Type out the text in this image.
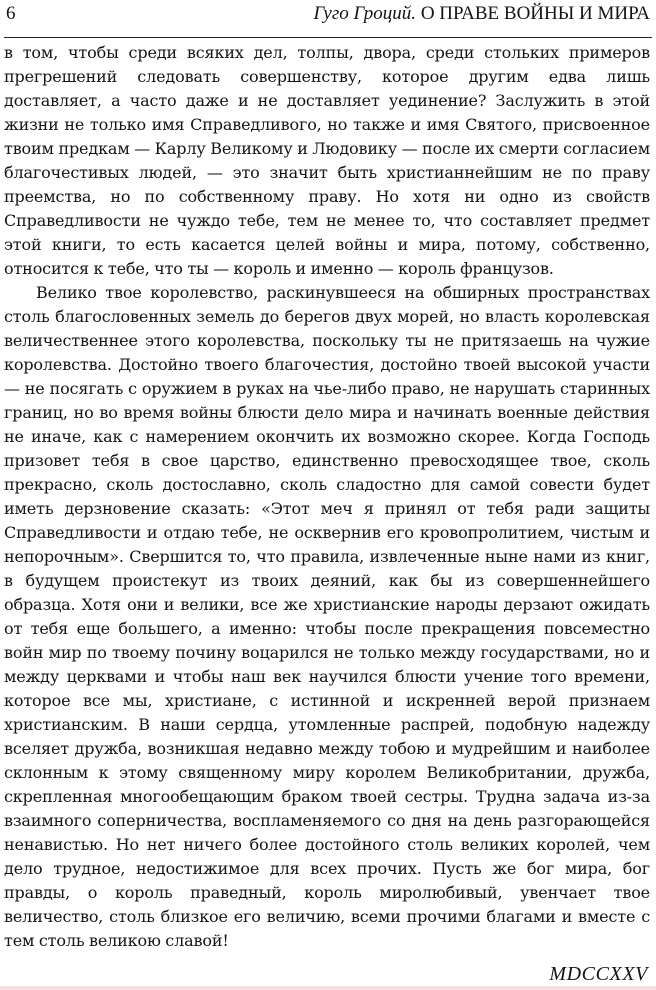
6	Гуго Гроций. О ПРАВЕ ВОЙНЫ И МИРА

в том, чтобы среди всяких дел, толпы, двора, среди стольких примеров прегрешений следовать совершенству, которое другим едва лишь доставляет, а часто даже и не доставляет уединение? Заслужить в этой жизни не только имя Справедливого, но также и имя Святого, присвоенное твоим предкам — Карлу Великому и Людовику — после их смерти согласием благочестивых людей, — это значит быть христианнейшим не по праву преемства, но по собственному праву. Но хотя ни одно из свойств Справедливости не чуждо тебе, тем не менее то, что составляет предмет этой книги, то есть касается целей войны и мира, потому, собственно, относится к тебе, что ты — король и именно — король французов.

Велико твое королевство, раскинувшееся на обширных пространствах столь благословенных земель до берегов двух морей, но власть королевская величественнее этого королевства, поскольку ты не притязаешь на чужие королевства. Достойно твоего благочестия, достойно твоей высокой участи — не посягать с оружием в руках на чье-либо право, не нарушать старинных границ, но во время войны блюсти дело мира и начинать военные действия не иначе, как с намерением окончить их возможно скорее. Когда Господь призовет тебя в свое царство, единственно превосходящее твое, сколь прекрасно, сколь достославно, сколь сладостно для самой совести будет иметь дерзновение сказать: «Этот меч я принял от тебя ради защиты Справедливости и отдаю тебе, не осквернив его кровопролитием, чистым и непорочным». Свершится то, что правила, извлеченные ныне нами из книг, в будущем проистекут из твоих деяний, как бы из совершеннейшего образца. Хотя они и велики, все же христианские народы дерзают ожидать от тебя еще большего, а именно: чтобы после прекращения повсеместно войн мир по твоему почину воцарился не только между государствами, но и между церквами и чтобы наш век научился блюсти учение того времени, которое все мы, христиане, с истинной и искренней верой признаем христианским. В наши сердца, утомленные распрей, подобную надежду вселяет дружба, возникшая недавно между тобою и мудрейшим и наиболее склонным к этому священному миру королем Великобритании, дружба, скрепленная многообещающим браком твоей сестры. Трудна задача из-за взаимного соперничества, воспламеняемого со дня на день разгорающейся ненавистью. Но нет ничего более достойного столь великих королей, чем дело трудное, недостижимое для всех прочих. Пусть же бог мира, бог правды, о король праведный, король миролюбивый, увенчает твое величество, столь близкое его величию, всеми прочими благами и вместе с тем столь великою славой!

MDCCXXV
